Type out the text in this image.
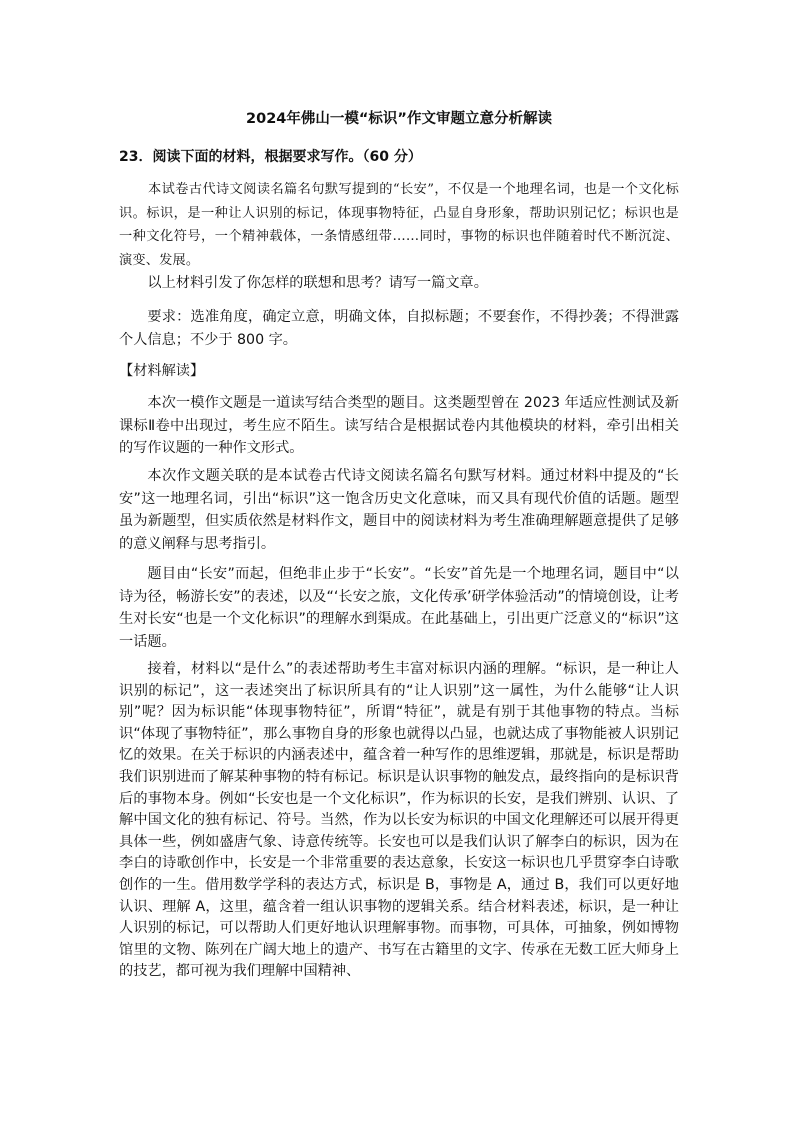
2024年佛山一模“标识”作文审题立意分析解读

23．阅读下面的材料，根据要求写作。（60 分）

本试卷古代诗文阅读名篇名句默写提到的“长安”，不仅是一个地理名词，也是一个文化标识。标识，是一种让人识别的标记，体现事物特征，凸显自身形象，帮助识别记忆；标识也是一种文化符号，一个精神载体，一条情感纽带……同时，事物的标识也伴随着时代不断沉淀、演变、发展。

以上材料引发了你怎样的联想和思考？请写一篇文章。

要求：选准角度，确定立意，明确文体，自拟标题；不要套作，不得抄袭；不得泄露个人信息；不少于 800 字。

【材料解读】

本次一模作文题是一道读写结合类型的题目。这类题型曾在 2023 年适应性测试及新课标Ⅱ卷中出现过，考生应不陌生。读写结合是根据试卷内其他模块的材料，牵引出相关的写作议题的一种作文形式。

本次作文题关联的是本试卷古代诗文阅读名篇名句默写材料。通过材料中提及的“长安”这一地理名词，引出“标识”这一饱含历史文化意味，而又具有现代价值的话题。题型虽为新题型，但实质依然是材料作文，题目中的阅读材料为考生准确理解题意提供了足够的意义阐释与思考指引。

题目由“长安”而起，但绝非止步于“长安”。“长安”首先是一个地理名词，题目中“以诗为径，畅游长安”的表述，以及“‘长安之旅，文化传承’研学体验活动”的情境创设，让考生对长安“也是一个文化标识”的理解水到渠成。在此基础上，引出更广泛意义的“标识”这一话题。

接着，材料以“是什么”的表述帮助考生丰富对标识内涵的理解。“标识，是一种让人识别的标记”，这一表述突出了标识所具有的“让人识别”这一属性，为什么能够“让人识别”呢？因为标识能“体现事物特征”，所谓“特征”，就是有别于其他事物的特点。当标识“体现了事物特征”，那么事物自身的形象也就得以凸显，也就达成了事物能被人识别记忆的效果。在关于标识的内涵表述中，蕴含着一种写作的思维逻辑，那就是，标识是帮助我们识别进而了解某种事物的特有标记。标识是认识事物的触发点，最终指向的是标识背后的事物本身。例如“长安也是一个文化标识”，作为标识的长安，是我们辨别、认识、了解中国文化的独有标记、符号。当然，作为以长安为标识的中国文化理解还可以展开得更具体一些，例如盛唐气象、诗意传统等。长安也可以是我们认识了解李白的标识，因为在李白的诗歌创作中，长安是一个非常重要的表达意象，长安这一标识也几乎贯穿李白诗歌创作的一生。借用数学学科的表达方式，标识是 B，事物是 A，通过 B，我们可以更好地认识、理解 A，这里，蕴含着一组认识事物的逻辑关系。结合材料表述，标识，是一种让人识别的标记，可以帮助人们更好地认识理解事物。而事物，可具体，可抽象，例如博物馆里的文物、陈列在广阔大地上的遗产、书写在古籍里的文字、传承在无数工匠大师身上的技艺，都可视为我们理解中国精神、
